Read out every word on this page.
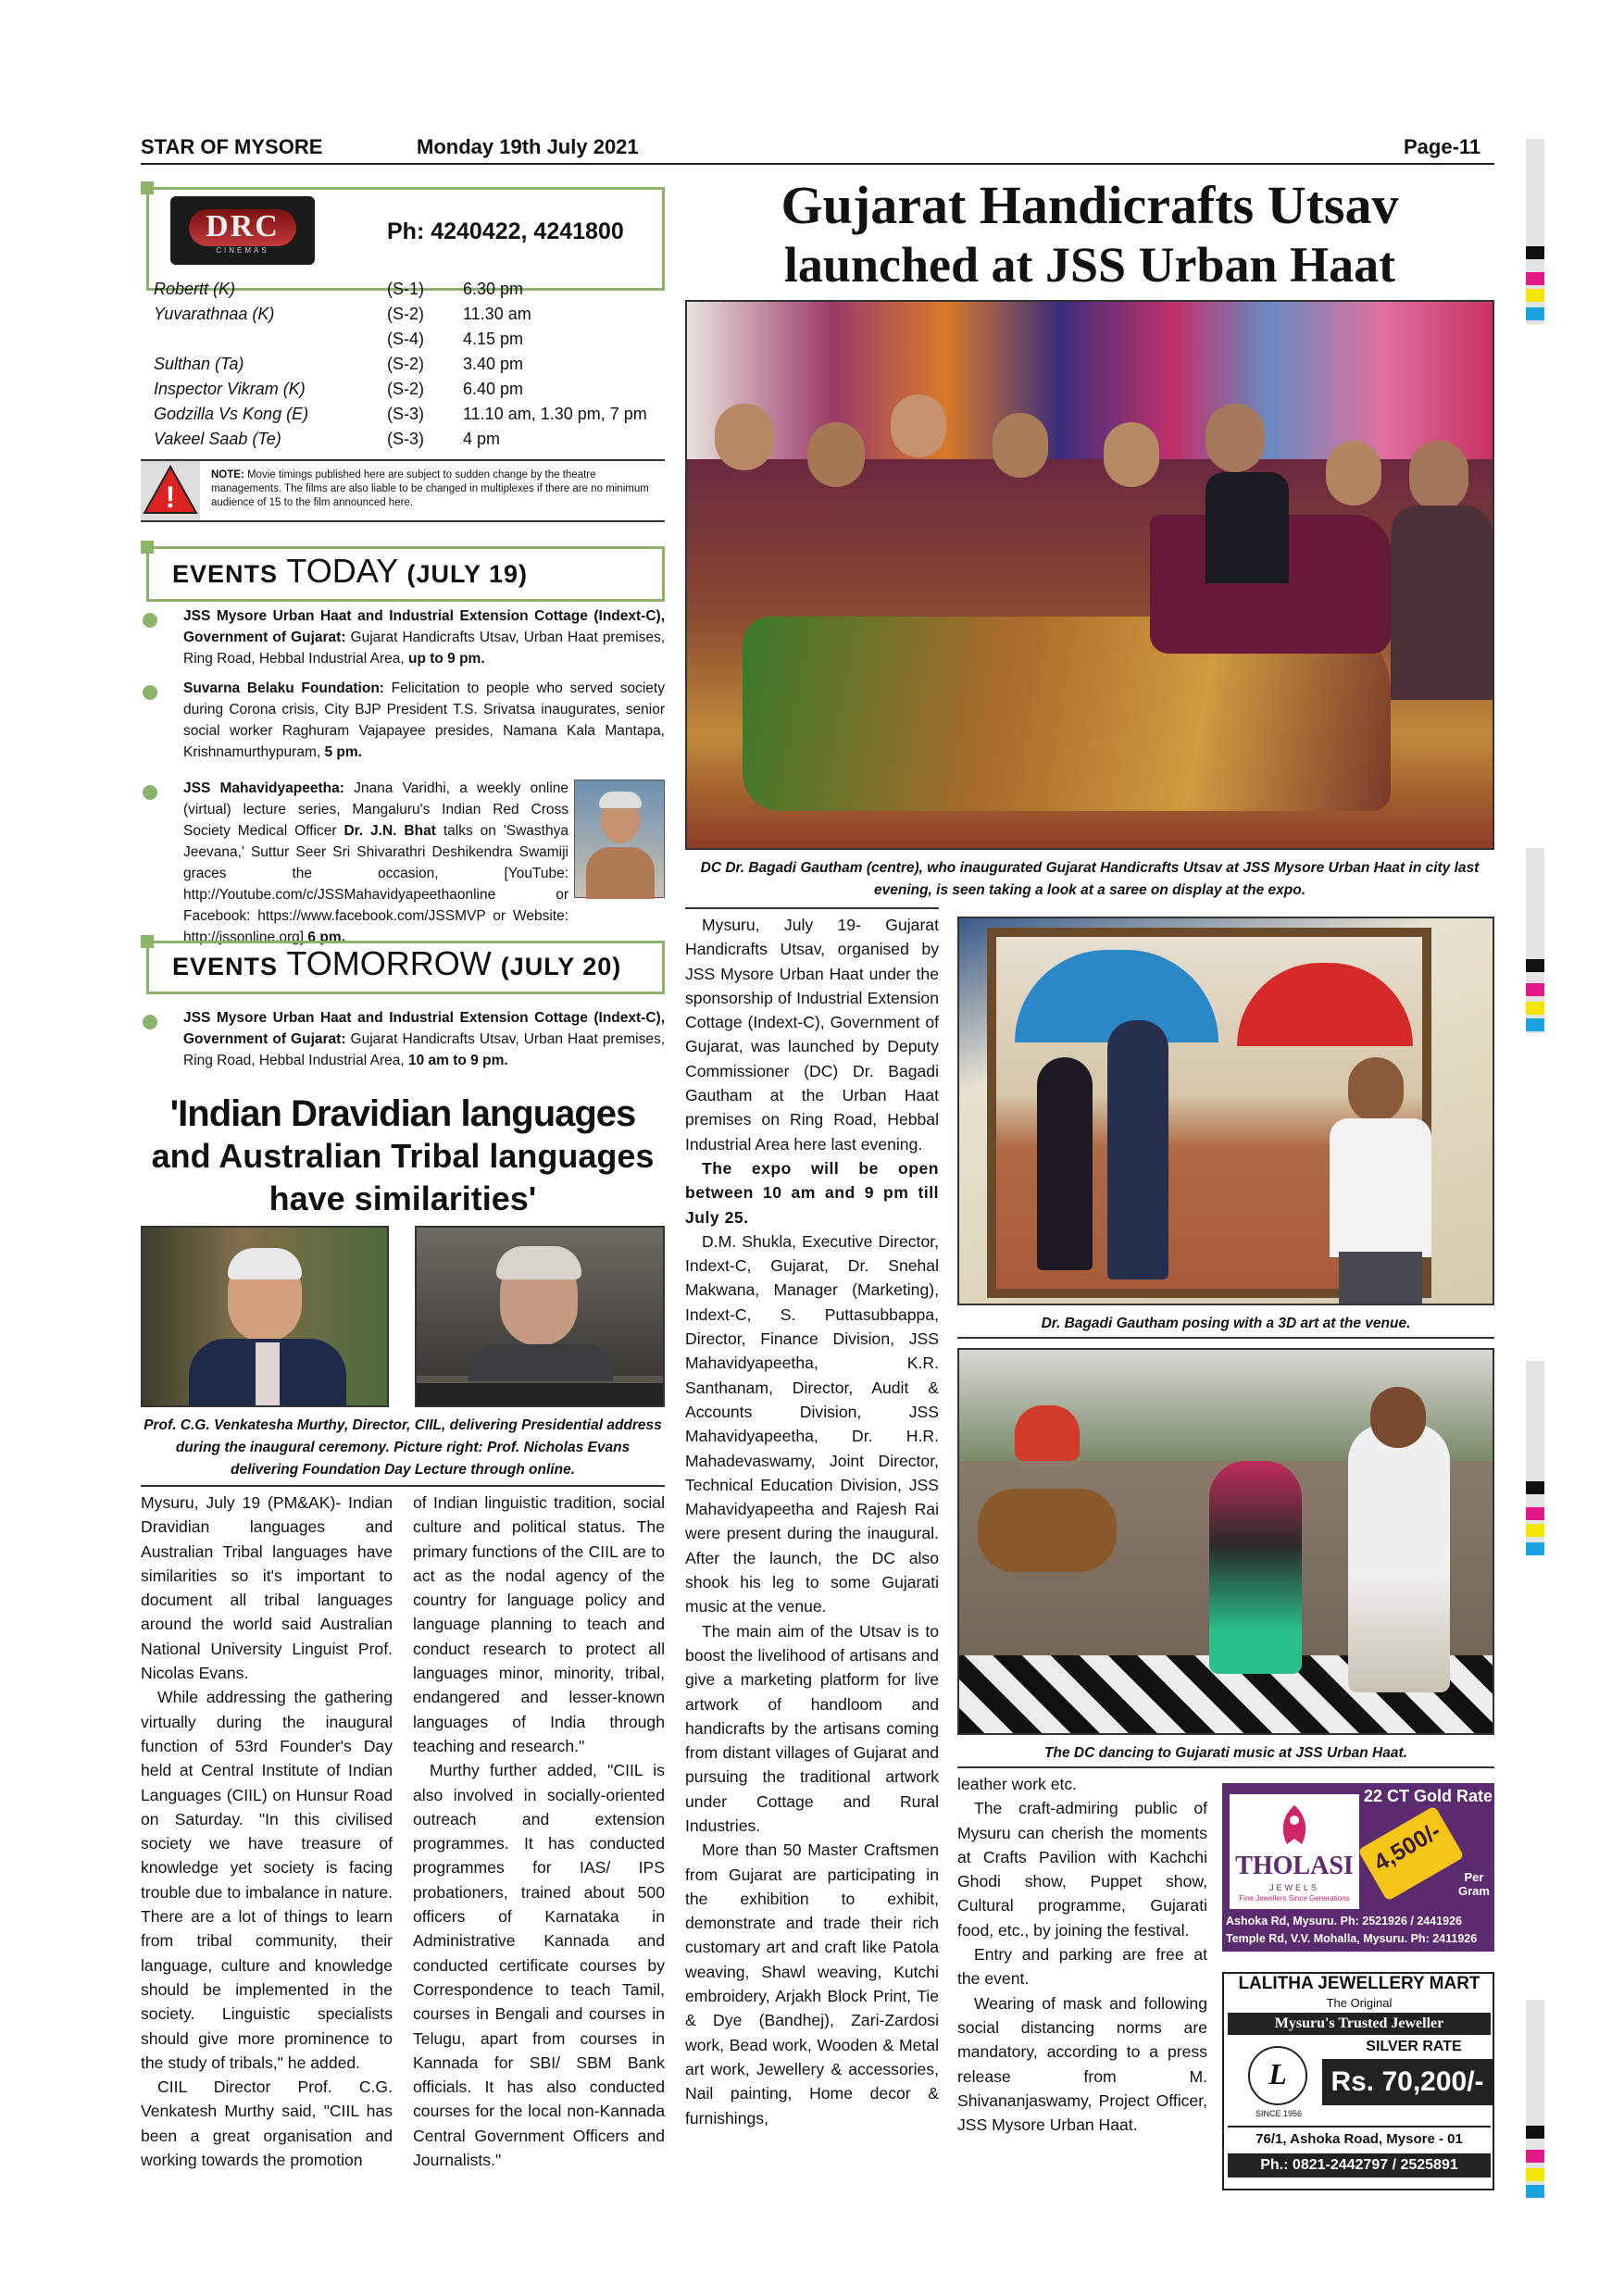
STAR OF MYSORE	Monday 19th July 2021	Page-11
DRC
CINEMAS
Ph: 4240422, 4241800
Robertt (K)	(S-1) 6.30 pm
Yuvarathnaa (K)	(S-2) 11.30 am
(S-4) 4.15 pm
Sulthan (Ta)	(S-2) 3.40 pm
Inspector Vikram (K)	(S-2) 6.40 pm
Godzilla Vs Kong (E)	(S-3) 11.10 am, 1.30 pm, 7 pm
Vakeel Saab (Te)	(S-3) 4 pm
!
NOTE: Movie timings published here are subject to sudden change by the theatre managements. The films are also liable to be changed in multiplexes if there are no minimum audience of 15 to the film announced here.
EVENTS TODAY (JULY 19)
JSS Mysore Urban Haat and Industrial Extension Cottage (Indext-C), Government of Gujarat: Gujarat Handicrafts Utsav, Urban Haat premises, Ring Road, Hebbal Industrial Area, up to 9 pm.
Suvarna Belaku Foundation: Felicitation to people who served society during Corona crisis, City BJP President T.S. Srivatsa inaugurates, senior social worker Raghuram Vajapayee presides, Namana Kala Mantapa, Krishnamurthypuram, 5 pm.
JSS Mahavidyapeetha: Jnana Varidhi, a weekly online (virtual) lecture series, Mangaluru's Indian Red Cross Society Medical Officer Dr. J.N. Bhat talks on 'Swasthya Jeevana,' Suttur Seer Sri Shivarathri Deshikendra Swamiji graces the occasion, [YouTube: http://Youtube.com/c/JSSMahavidyapeethaonline or Facebook: https://www.facebook.com/JSSMVP or Website: http://jssonline.org] 6 pm.
EVENTS TOMORROW (JULY 20)
JSS Mysore Urban Haat and Industrial Extension Cottage (Indext-C), Government of Gujarat: Gujarat Handicrafts Utsav, Urban Haat premises, Ring Road, Hebbal Industrial Area, 10 am to 9 pm.
'Indian Dravidian languages
and Australian Tribal languages
have similarities'
Prof. C.G. Venkatesha Murthy, Director, CIIL, delivering Presidential address during the inaugural ceremony. Picture right: Prof. Nicholas Evans delivering Foundation Day Lecture through online.

Mysuru, July 19 (PM&AK)- Indian Dravidian languages and Australian Tribal languages have similarities so it's important to document all tribal languages around the world said Australian National University Linguist Prof. Nicolas Evans.

While addressing the gathering virtually during the inaugural function of 53rd Founder's Day held at Central Institute of Indian Languages (CIIL) on Hunsur Road on Saturday. "In this civilised society we have treasure of knowledge yet society is facing trouble due to imbalance in nature. There are a lot of things to learn from tribal community, their language, culture and knowledge should be implemented in the society. Linguistic specialists should give more prominence to the study of tribals," he added.

CIIL Director Prof. C.G. Venkatesh Murthy said, "CIIL has been a great organisation and working towards the promotion

of Indian linguistic tradition, social culture and political status. The primary functions of the CIIL are to act as the nodal agency of the country for language policy and language planning to teach and conduct research to protect all languages minor, minority, tribal, endangered and lesser-known languages of India through teaching and research."

Murthy further added, "CIIL is also involved in socially-oriented outreach and extension programmes. It has conducted programmes for IAS/ IPS probationers, trained about 500 officers of Karnataka in Administrative Kannada and conducted certificate courses by Correspondence to teach Tamil, courses in Bengali and courses in Telugu, apart from courses in Kannada for SBI/ SBM Bank officials. It has also conducted courses for the local non-Kannada Central Government Officers and Journalists."

Gujarat Handicrafts Utsav
launched at JSS Urban Haat
DC Dr. Bagadi Gautham (centre), who inaugurated Gujarat Handicrafts Utsav at JSS Mysore Urban Haat in city last evening, is seen taking a look at a saree on display at the expo.
Dr. Bagadi Gautham posing with a 3D art at the venue.
The DC dancing to Gujarati music at JSS Urban Haat.

Mysuru, July 19- Gujarat Handicrafts Utsav, organised by JSS Mysore Urban Haat under the sponsorship of Industrial Extension Cottage (Indext-C), Government of Gujarat, was launched by Deputy Commissioner (DC) Dr. Bagadi Gautham at the Urban Haat premises on Ring Road, Hebbal Industrial Area here last evening.

The expo will be open between 10 am and 9 pm till July 25.

D.M. Shukla, Executive Director, Indext-C, Gujarat, Dr. Snehal Makwana, Manager (Marketing), Indext-C, S. Puttasubbappa, Director, Finance Division, JSS Mahavidyapeetha, K.R. Santhanam, Director, Audit & Accounts Division, JSS Mahavidyapeetha, Dr. H.R. Mahadevaswamy, Joint Director, Technical Education Division, JSS Mahavidyapeetha and Rajesh Rai were present during the inaugural. After the launch, the DC also shook his leg to some Gujarati music at the venue.

The main aim of the Utsav is to boost the livelihood of artisans and give a marketing platform for live artwork of handloom and handicrafts by the artisans coming from distant villages of Gujarat and pursuing the traditional artwork under Cottage and Rural Industries.

More than 50 Master Craftsmen from Gujarat are participating in the exhibition to exhibit, demonstrate and trade their rich customary art and craft like Patola weaving, Shawl weaving, Kutchi embroidery, Arjakh Block Print, Tie & Dye (Bandhej), Zari-Zardosi work, Bead work, Wooden & Metal art work, Jewellery & accessories, Nail painting, Home decor & furnishings,

leather work etc.

The craft-admiring public of Mysuru can cherish the moments at Crafts Pavilion with Kachchi Ghodi show, Puppet show, Cultural programme, Gujarati food, etc., by joining the festival.

Entry and parking are free at the event.

Wearing of mask and following social distancing norms are mandatory, according to a press release from M. Shivananjaswamy, Project Officer, JSS Mysore Urban Haat.

22 CT Gold Rate
THOLASI
JEWELS
Fine Jewellers Since Generations
4,500/-
Per
Gram
Ashoka Rd, Mysuru. Ph: 2521926 / 2441926
Temple Rd, V.V. Mohalla, Mysuru. Ph: 2411926
LALITHA JEWELLERY MART
The Original
Mysuru's Trusted Jeweller
SILVER RATE
L
SINCE 1956
Rs. 70,200/-
76/1, Ashoka Road, Mysore - 01
Ph.: 0821-2442797 / 2525891
